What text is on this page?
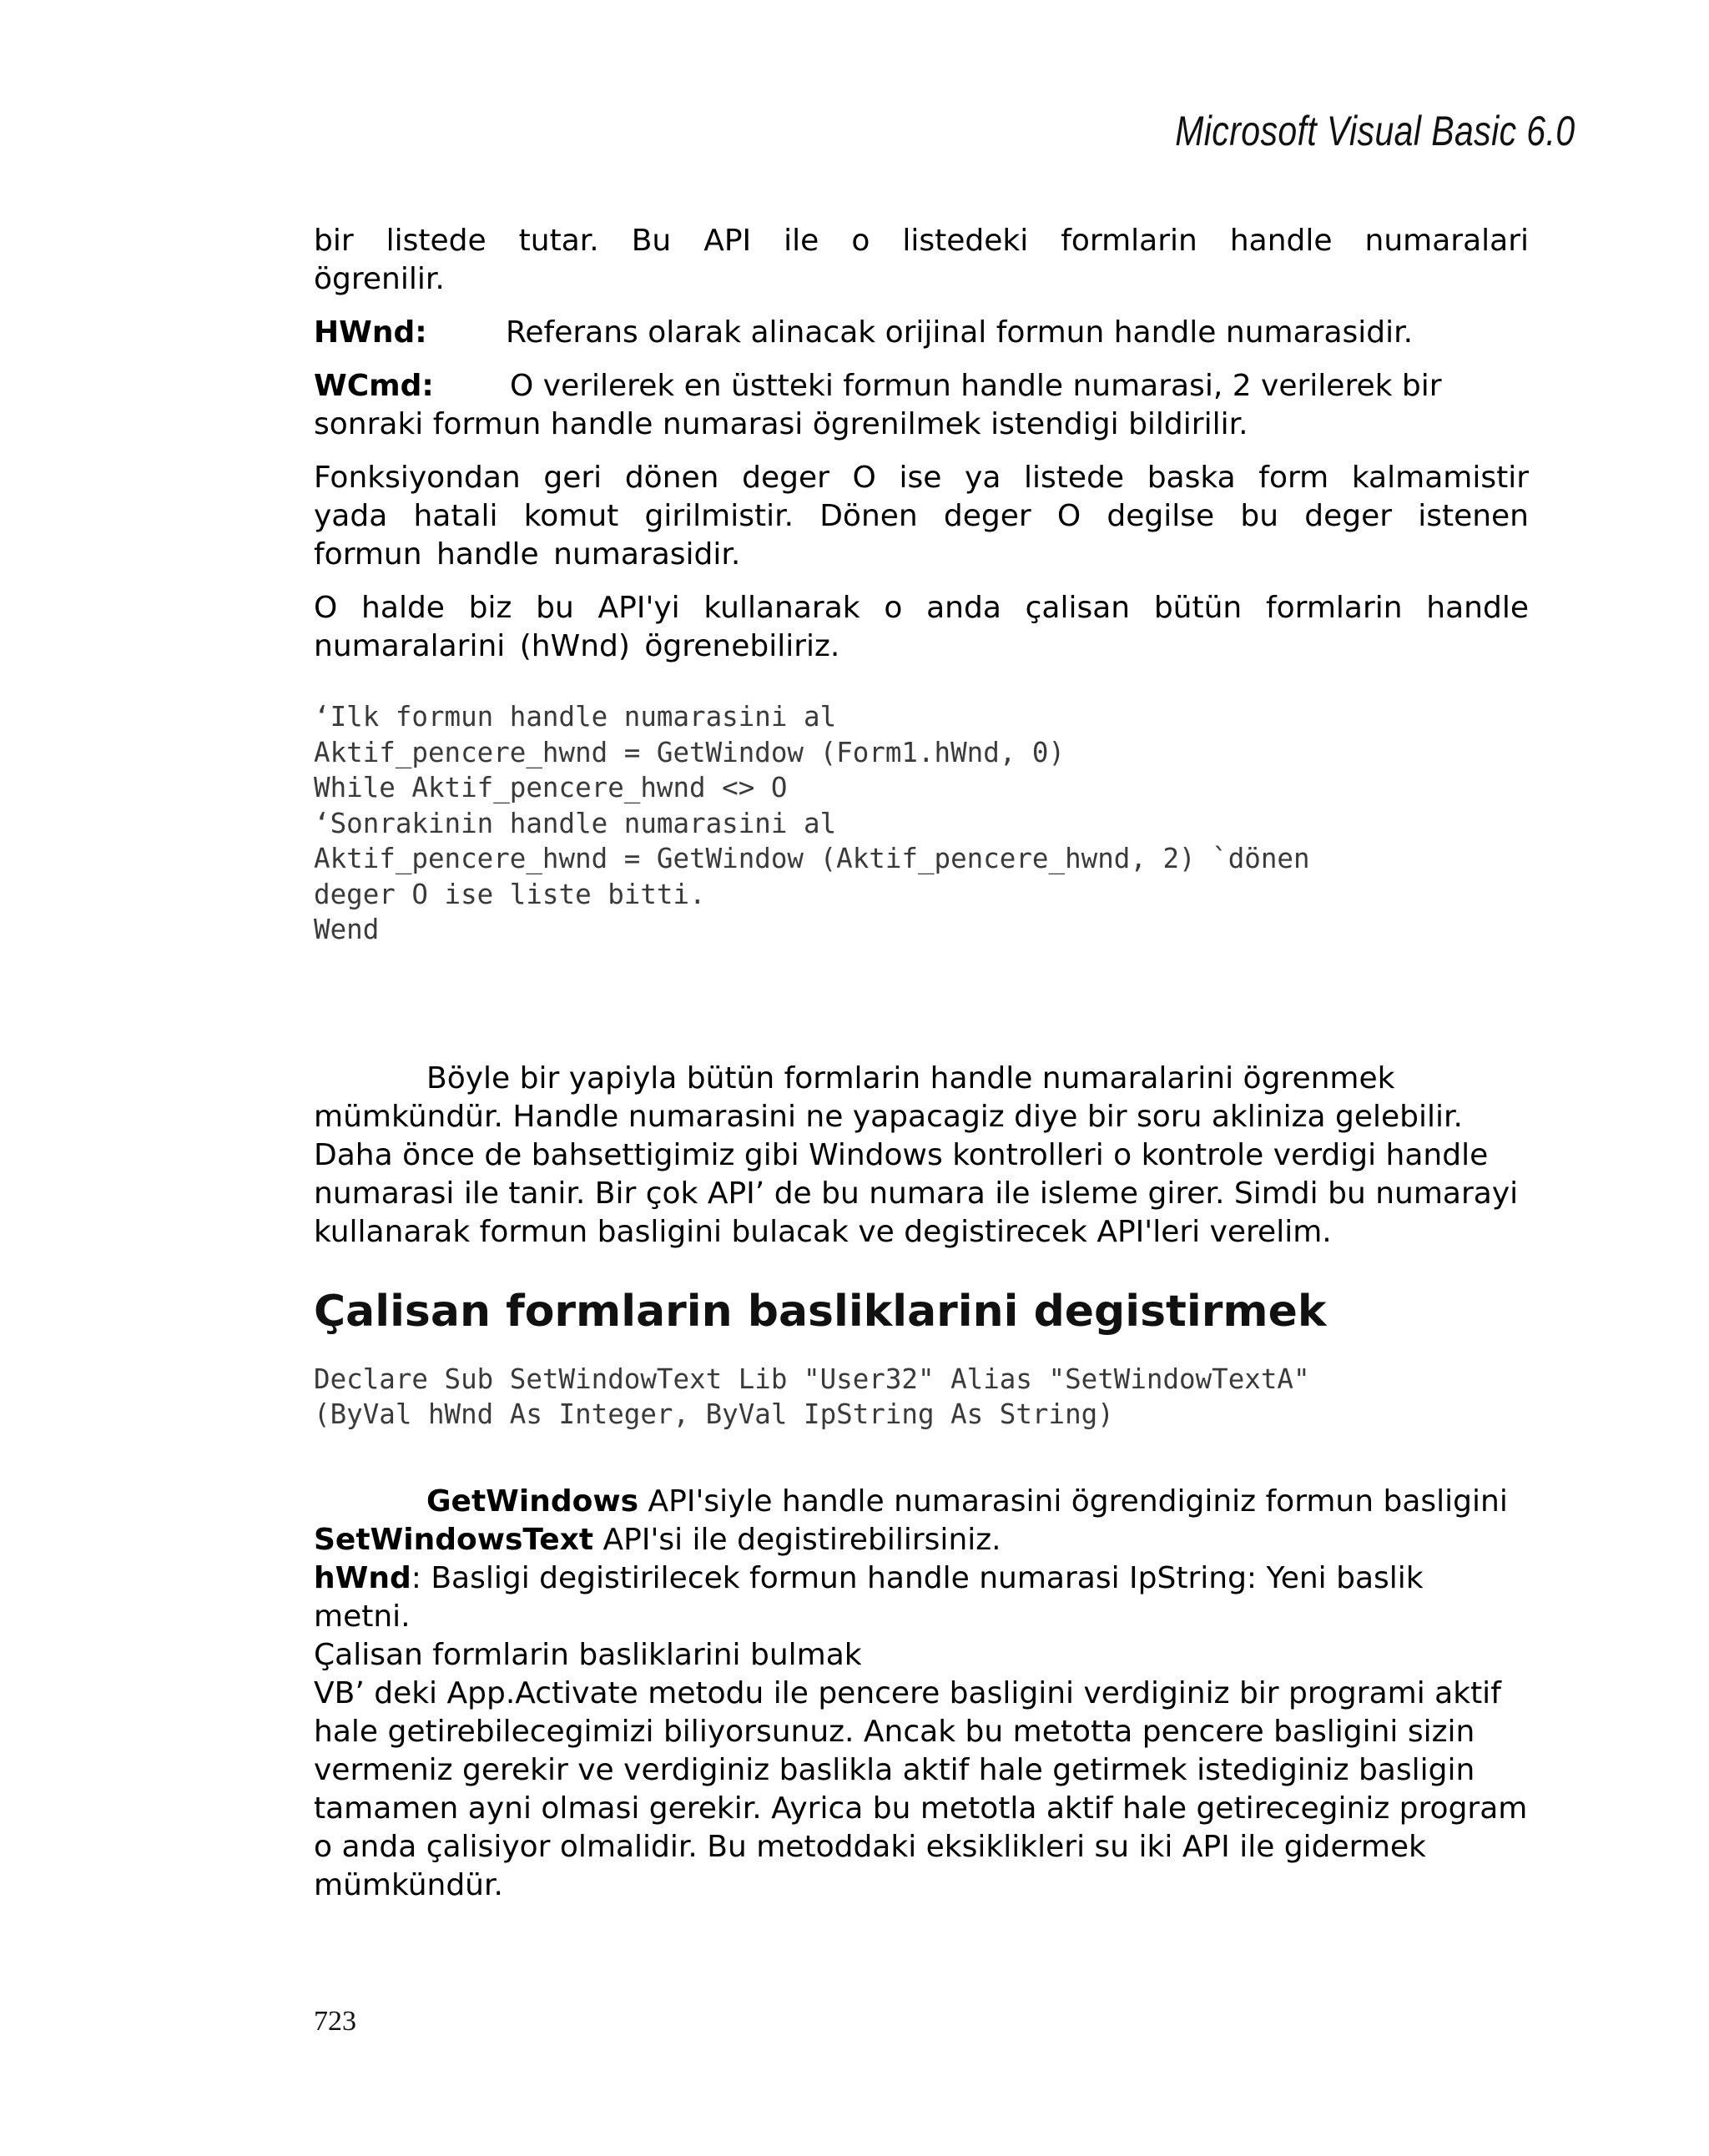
Microsoft Visual Basic 6.0

bir listede tutar. Bu API ile o listedeki formlarin handle numaralari ögrenilir.

HWnd:	Referans olarak alinacak orijinal formun handle numarasidir.

WCmd:	O verilerek en üstteki formun handle numarasi, 2 verilerek bir sonraki formun handle numarasi ögrenilmek istendigi bildirilir.

Fonksiyondan geri dönen deger O ise ya listede baska form kalmamistir yada hatali komut girilmistir. Dönen deger O degilse bu deger istenen formun handle numarasidir.

O halde biz bu API'yi kullanarak o anda çalisan bütün formlarin handle numaralarini (hWnd) ögrenebiliriz.

‘Ilk formun handle numarasini al
Aktif_pencere_hwnd = GetWindow (Form1.hWnd, 0)
While Aktif_pencere_hwnd <> O
‘Sonrakinin handle numarasini al
Aktif_pencere_hwnd = GetWindow (Aktif_pencere_hwnd, 2) `dönen
deger O ise liste bitti.
Wend

Böyle bir yapiyla bütün formlarin handle numaralarini ögrenmek mümkündür. Handle numarasini ne yapacagiz diye bir soru akliniza gelebilir. Daha önce de bahsettigimiz gibi Windows kontrolleri o kontrole verdigi handle numarasi ile tanir. Bir çok API’ de bu numara ile isleme girer. Simdi bu numarayi kullanarak formun basligini bulacak ve degistirecek API'leri verelim.

Çalisan formlarin basliklarini degistirmek
Declare Sub SetWindowText Lib "User32" Alias "SetWindowTextA"
(ByVal hWnd As Integer, ByVal IpString As String)

GetWindows API'siyle handle numarasini ögrendiginiz formun basligini SetWindowsText API'si ile degistirebilirsiniz.

hWnd: Basligi degistirilecek formun handle numarasi IpString: Yeni baslik metni.

Çalisan formlarin basliklarini bulmak

VB’ deki App.Activate metodu ile pencere basligini verdiginiz bir programi aktif hale getirebilecegimizi biliyorsunuz. Ancak bu metotta pencere basligini sizin vermeniz gerekir ve verdiginiz baslikla aktif hale getirmek istediginiz basligin tamamen ayni olmasi gerekir. Ayrica bu metotla aktif hale getireceginiz program o anda çalisiyor olmalidir. Bu metoddaki eksiklikleri su iki API ile gidermek mümkündür.

723
